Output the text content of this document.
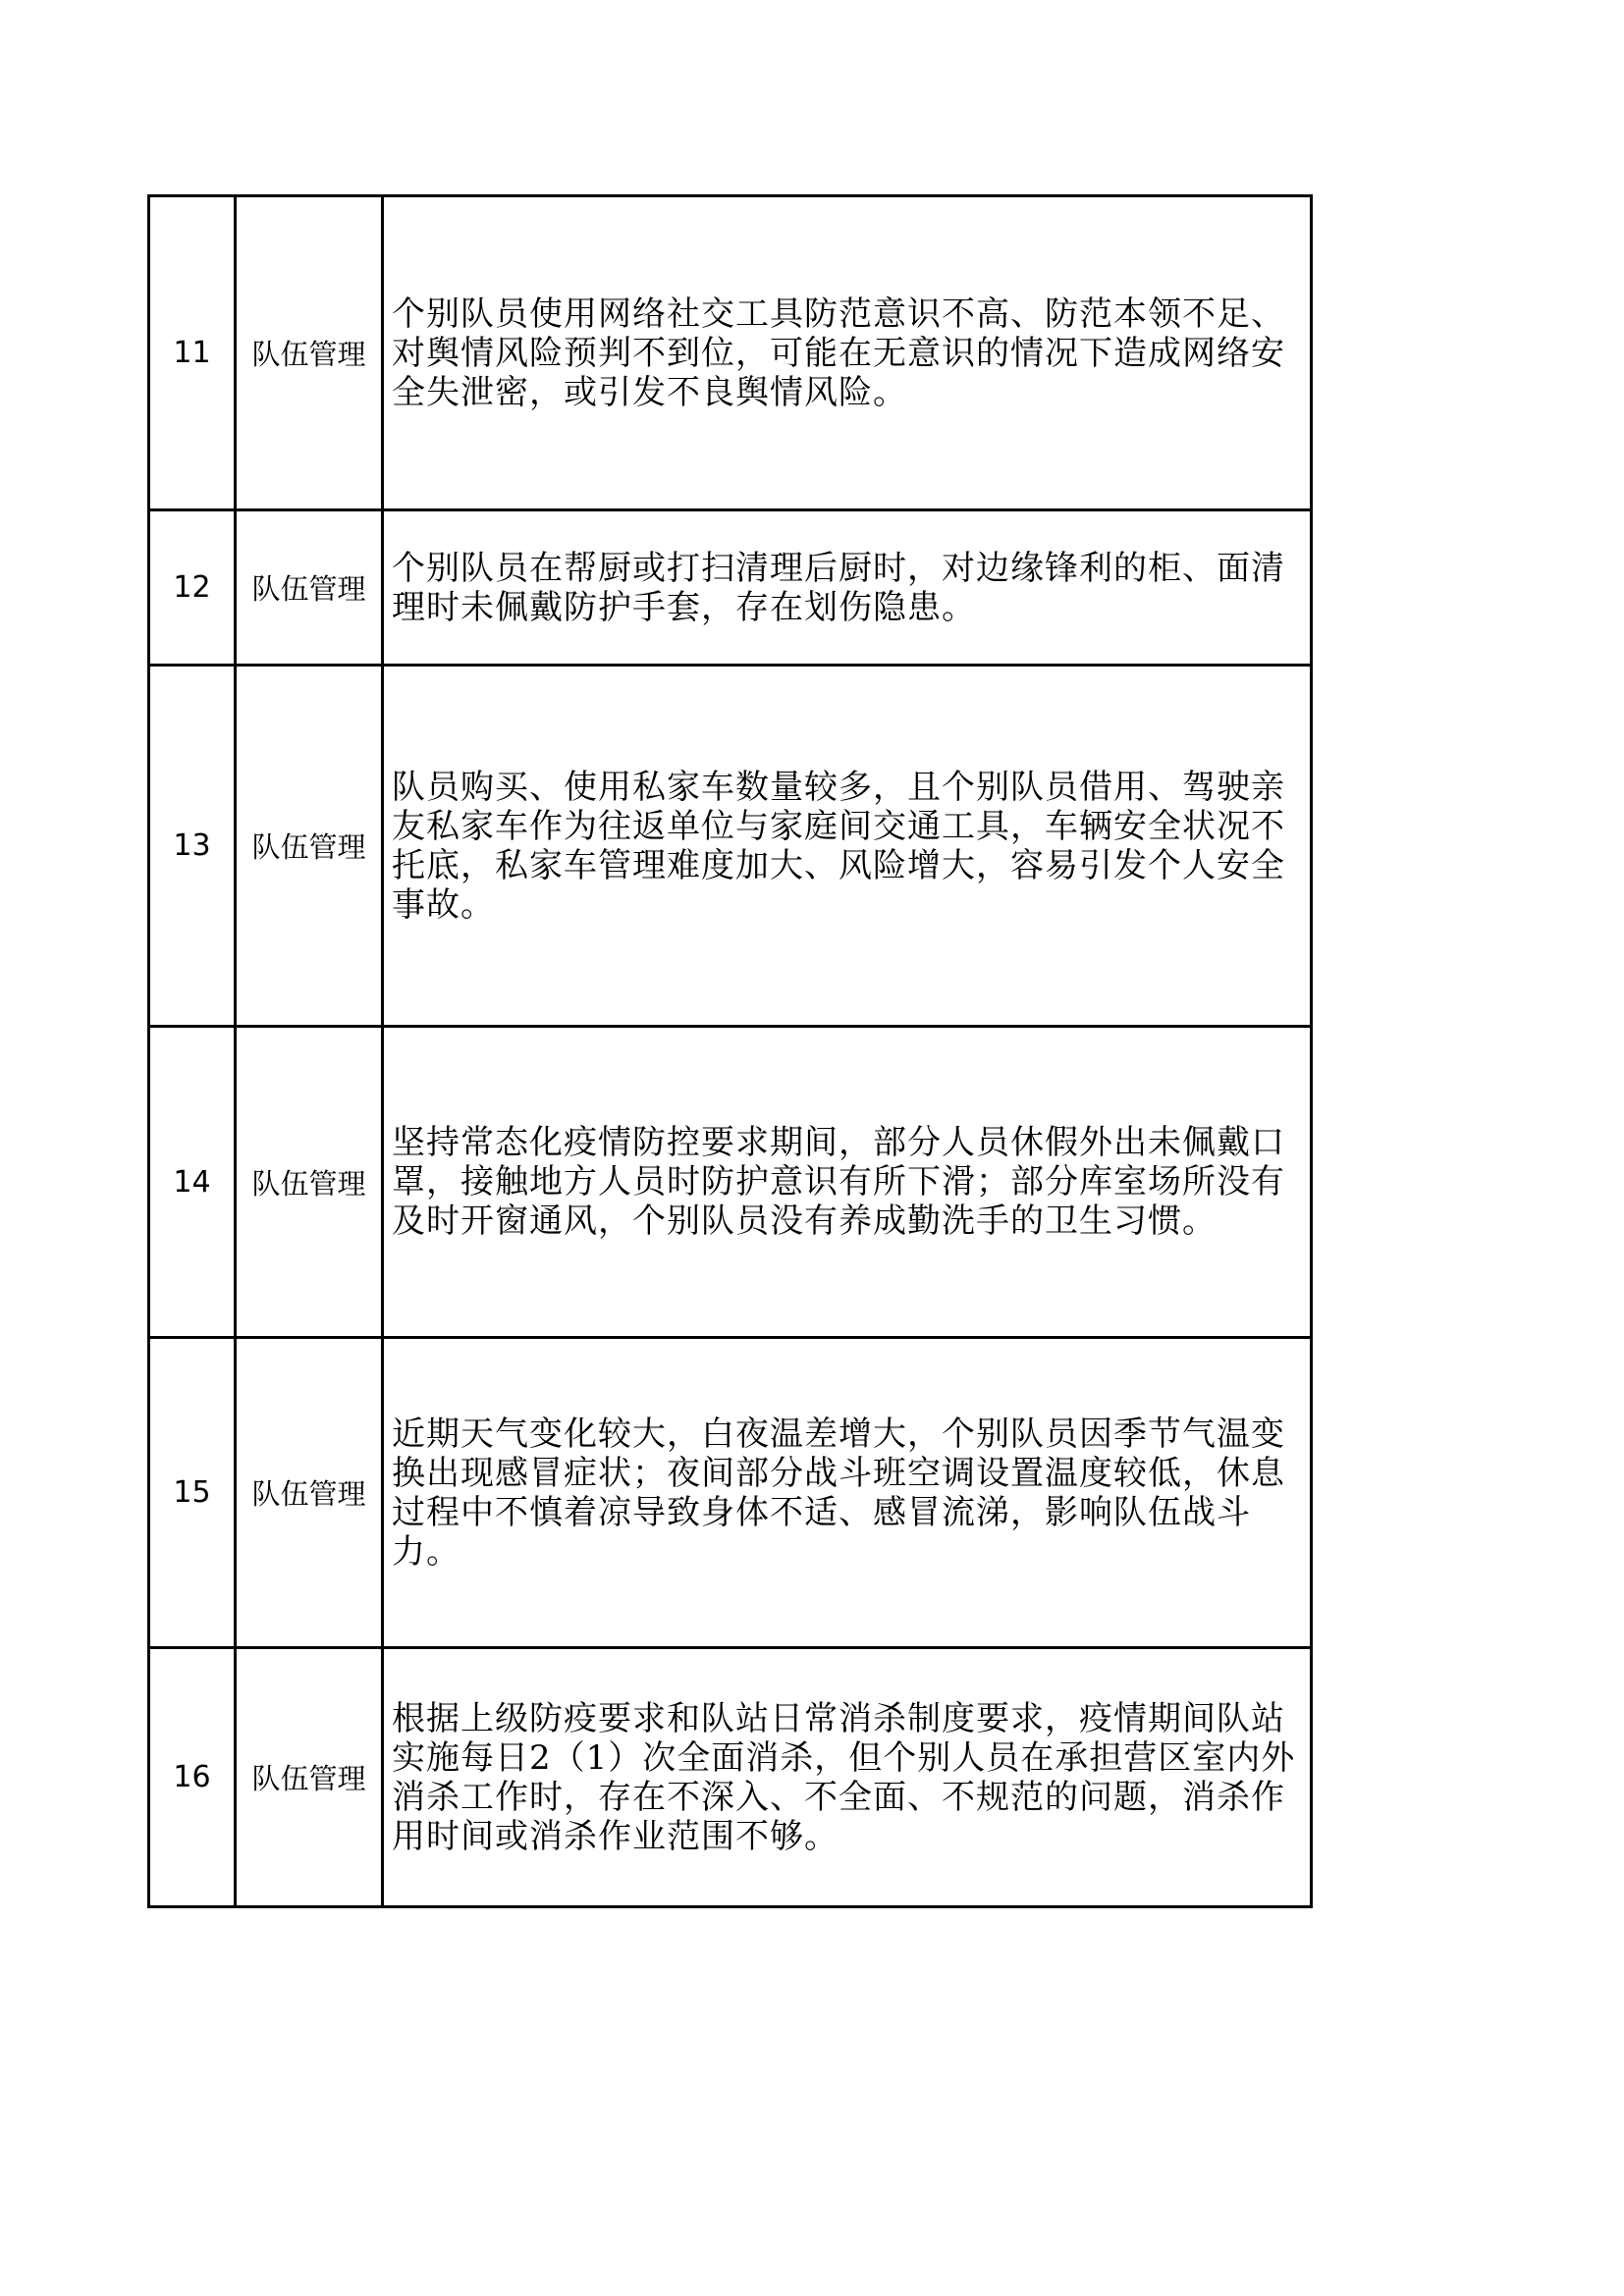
11	队伍管理	个别队员使用网络社交工具防范意识不高、防范本领不足、对舆情风险预判不到位，可能在无意识的情况下造成网络安全失泄密，或引发不良舆情风险。
12	队伍管理	个别队员在帮厨或打扫清理后厨时，对边缘锋利的柜、面清理时未佩戴防护手套，存在划伤隐患。
13	队伍管理	队员购买、使用私家车数量较多，且个别队员借用、驾驶亲友私家车作为往返单位与家庭间交通工具，车辆安全状况不托底，私家车管理难度加大、风险增大，容易引发个人安全事故。
14	队伍管理	坚持常态化疫情防控要求期间，部分人员休假外出未佩戴口罩，接触地方人员时防护意识有所下滑；部分库室场所没有及时开窗通风，个别队员没有养成勤洗手的卫生习惯。
15	队伍管理	近期天气变化较大，白夜温差增大，个别队员因季节气温变换出现感冒症状；夜间部分战斗班空调设置温度较低，休息过程中不慎着凉导致身体不适、感冒流涕，影响队伍战斗力。
16	队伍管理	根据上级防疫要求和队站日常消杀制度要求，疫情期间队站实施每日2（1）次全面消杀，但个别人员在承担营区室内外消杀工作时，存在不深入、不全面、不规范的问题，消杀作用时间或消杀作业范围不够。
